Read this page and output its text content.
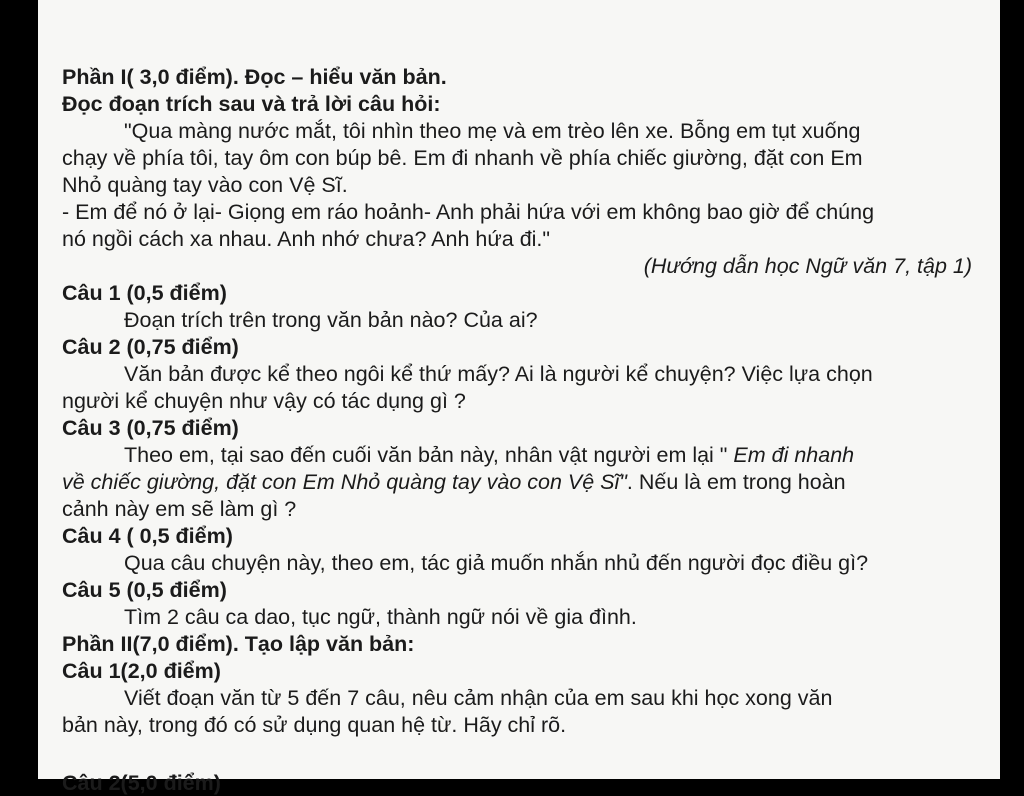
Phần I( 3,0 điểm). Đọc – hiểu văn bản.
Đọc đoạn trích sau và trả lời câu hỏi:
"Qua màng nước mắt, tôi nhìn theo mẹ và em trèo lên xe. Bỗng em tụt xuống
chạy về phía tôi, tay ôm con búp bê. Em đi nhanh về phía chiếc giường, đặt con Em
Nhỏ quàng tay vào con Vệ Sĩ.
- Em để nó ở lại- Giọng em ráo hoảnh- Anh phải hứa với em không bao giờ để chúng
nó ngồi cách xa nhau. Anh nhớ chưa? Anh hứa đi."
(Hướng dẫn học Ngữ văn 7, tập 1)
Câu 1 (0,5 điểm)
Đoạn trích trên trong văn bản nào? Của ai?
Câu 2 (0,75 điểm)
Văn bản được kể theo ngôi kể thứ mấy? Ai là người kể chuyện? Việc lựa chọn
người kể chuyện như vậy có tác dụng gì ?
Câu 3 (0,75 điểm)
Theo em, tại sao đến cuối văn bản này, nhân vật người em lại " Em đi nhanh
về chiếc giường, đặt con Em Nhỏ quàng tay vào con Vệ Sĩ". Nếu là em trong hoàn
cảnh này em sẽ làm gì ?
Câu 4 ( 0,5 điểm)
Qua câu chuyện này, theo em, tác giả muốn nhắn nhủ đến người đọc điều gì?
Câu 5 (0,5 điểm)
Tìm 2 câu ca dao, tục ngữ, thành ngữ nói về gia đình.
Phần II(7,0 điểm). Tạo lập văn bản:
Câu 1(2,0 điểm)
Viết đoạn văn từ 5 đến 7 câu, nêu cảm nhận của em sau khi học xong văn
bản này, trong đó có sử dụng quan hệ từ. Hãy chỉ rõ.
Câu 2(5,0 điểm)
